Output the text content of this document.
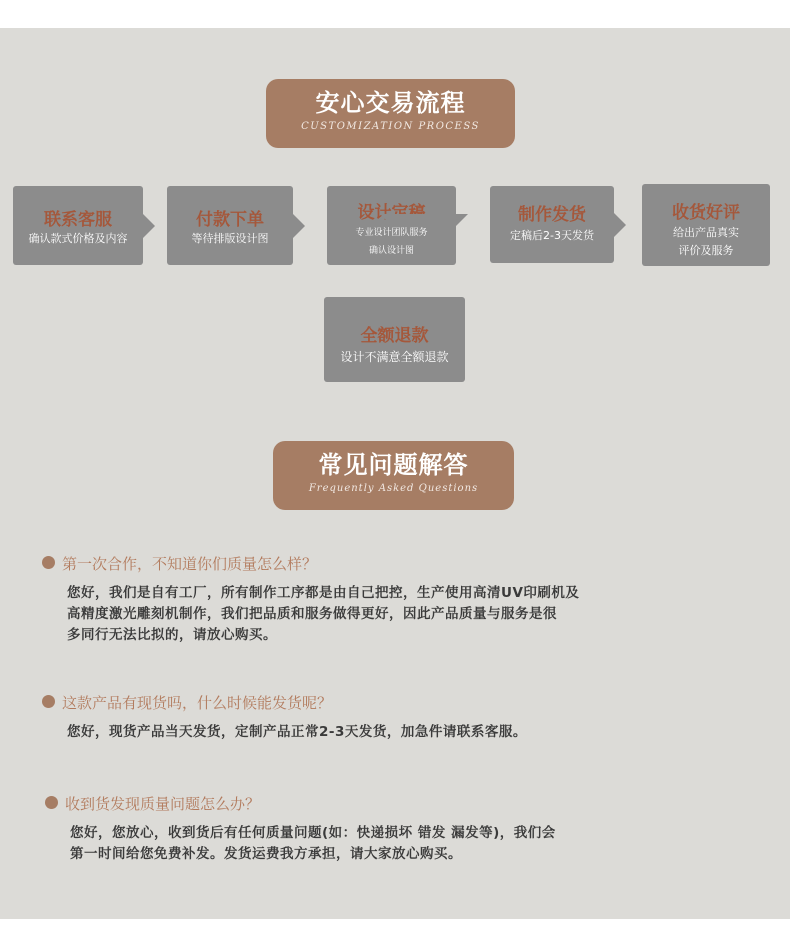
安心交易流程
CUSTOMIZATION PROCESS
联系客服
确认款式价格及内容
付款下单
等待排版设计图
设计定稿
专业设计团队服务
确认设计图
制作发货
定稿后2-3天发货
收货好评
给出产品真实
评价及服务
全额退款
设计不满意全额退款
常见问题解答
Frequently Asked Questions
第一次合作，不知道你们质量怎么样？
您好，我们是自有工厂，所有制作工序都是由自己把控，生产使用高清UV印刷机及
高精度激光雕刻机制作，我们把品质和服务做得更好，因此产品质量与服务是很
多同行无法比拟的，请放心购买。
这款产品有现货吗，什么时候能发货呢？
您好，现货产品当天发货，定制产品正常2-3天发货，加急件请联系客服。
收到货发现质量问题怎么办？
您好，您放心，收到货后有任何质量问题(如：快递损坏 错发 漏发等)，我们会
第一时间给您免费补发。发货运费我方承担，请大家放心购买。
